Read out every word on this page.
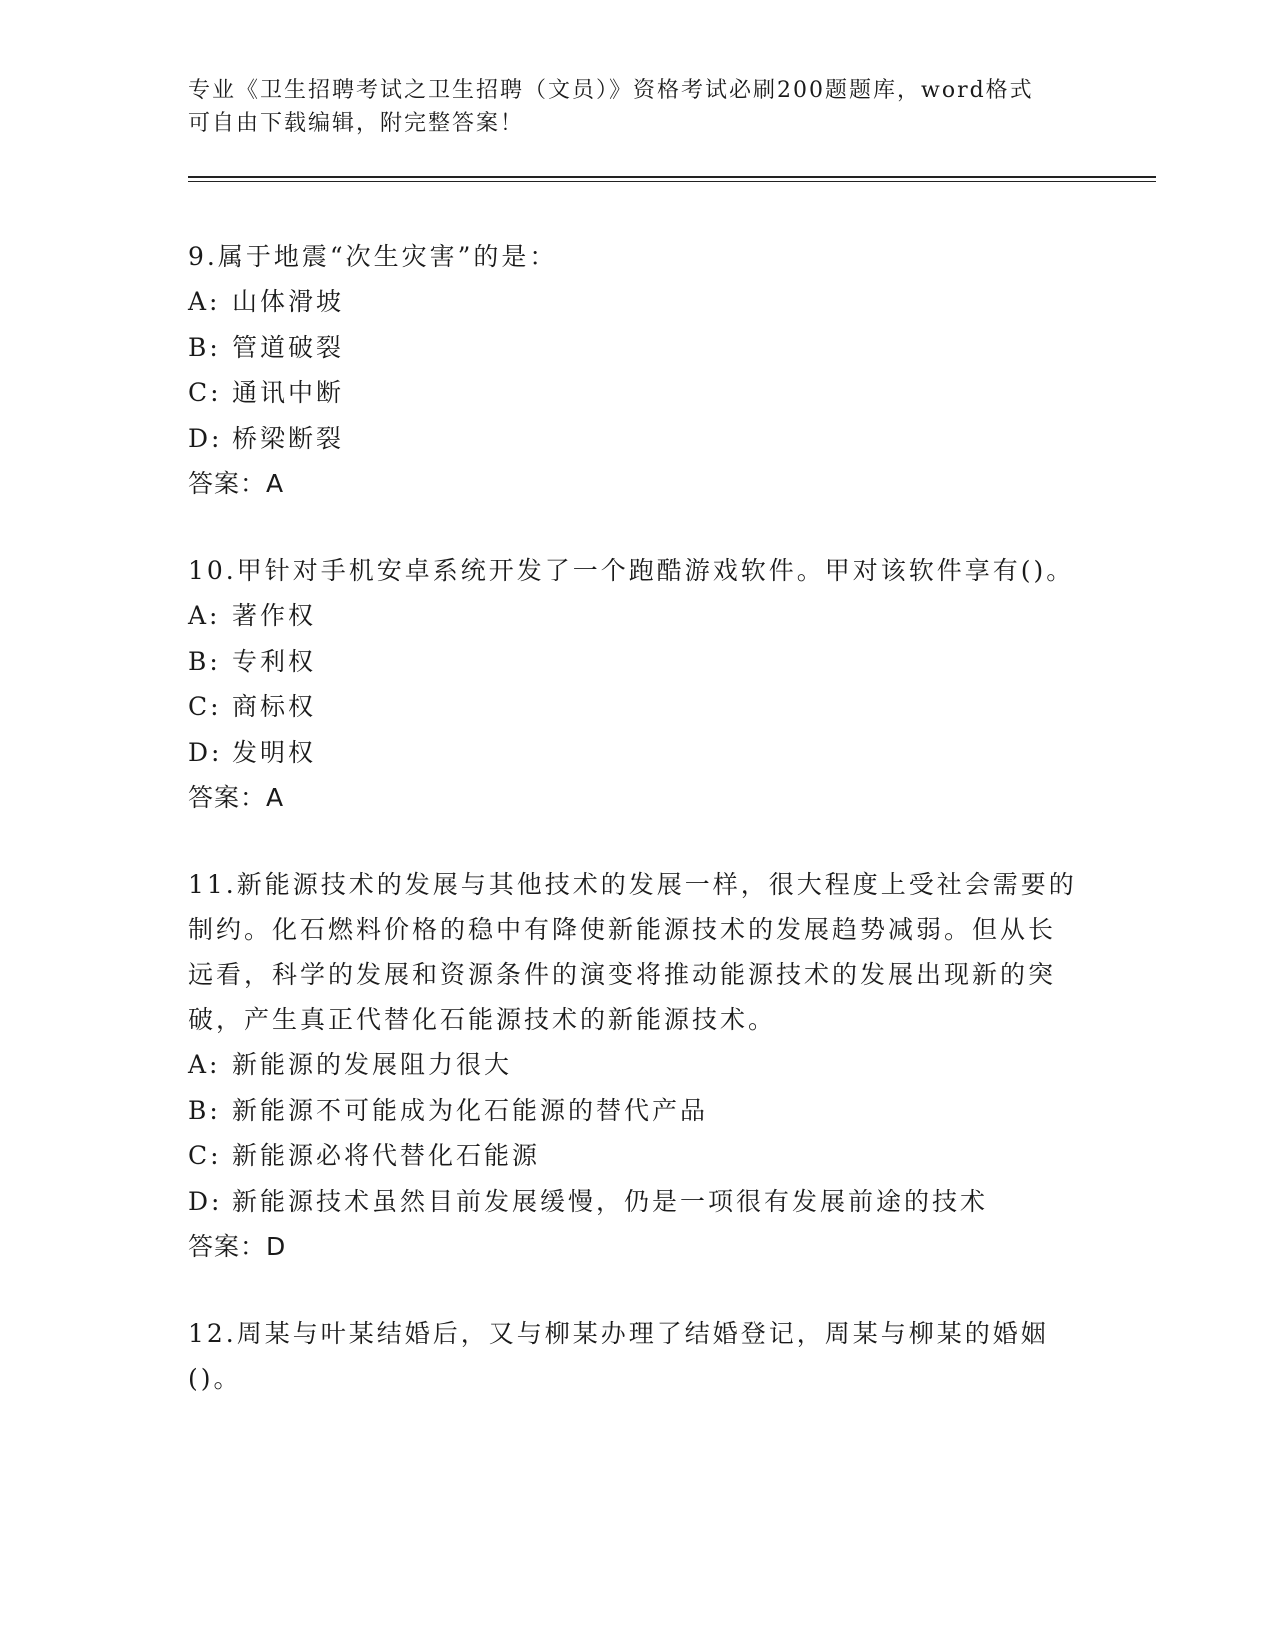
专业《卫生招聘考试之卫生招聘（文员）》资格考试必刷200题题库，word格式
可自由下载编辑，附完整答案！

9.属于地震“次生灾害”的是：

A: 山体滑坡

B: 管道破裂

C: 通讯中断

D: 桥梁断裂

答案：A

10.甲针对手机安卓系统开发了一个跑酷游戏软件。甲对该软件享有()。

A: 著作权

B: 专利权

C: 商标权

D: 发明权

答案：A

11.新能源技术的发展与其他技术的发展一样，很大程度上受社会需要的制约。化石燃料价格的稳中有降使新能源技术的发展趋势减弱。但从长远看，科学的发展和资源条件的演变将推动能源技术的发展出现新的突破，产生真正代替化石能源技术的新能源技术。

A: 新能源的发展阻力很大

B: 新能源不可能成为化石能源的替代产品

C: 新能源必将代替化石能源

D: 新能源技术虽然目前发展缓慢，仍是一项很有发展前途的技术

答案：D

12.周某与叶某结婚后，又与柳某办理了结婚登记，周某与柳某的婚姻()。
